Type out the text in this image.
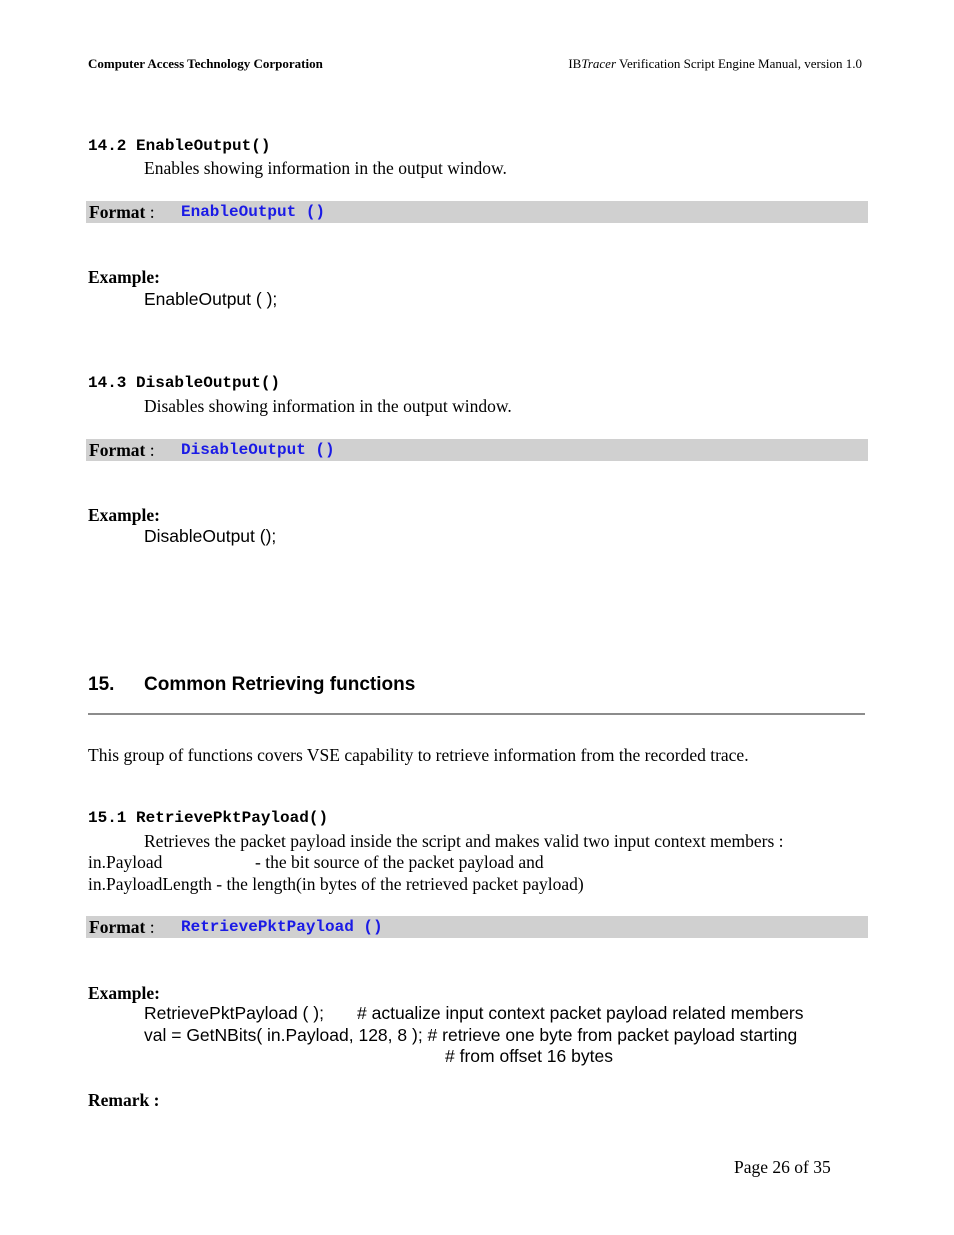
Computer Access Technology Corporation	IBTracer Verification Script Engine Manual, version 1.0
14.2 EnableOutput()
Enables showing information in the output window.
Format : EnableOutput ()
Example:
EnableOutput ( );
14.3 DisableOutput()
Disables showing information in the output window.
Format : DisableOutput ()
Example:
DisableOutput ();
15. Common Retrieving functions
This group of functions covers VSE capability to retrieve information from the recorded trace.
15.1 RetrievePktPayload()
Retrieves the packet payload inside the script and makes valid two input context members :
in.Payload	- the bit source of the packet payload and
in.PayloadLength - the length(in bytes of the retrieved packet payload)
Format : RetrievePktPayload ()
Example:
RetrievePktPayload ( ); # actualize input context packet payload related members
val = GetNBits( in.Payload, 128, 8 ); # retrieve one byte from packet payload starting
# from offset 16 bytes
Remark :
Page 26 of 35
